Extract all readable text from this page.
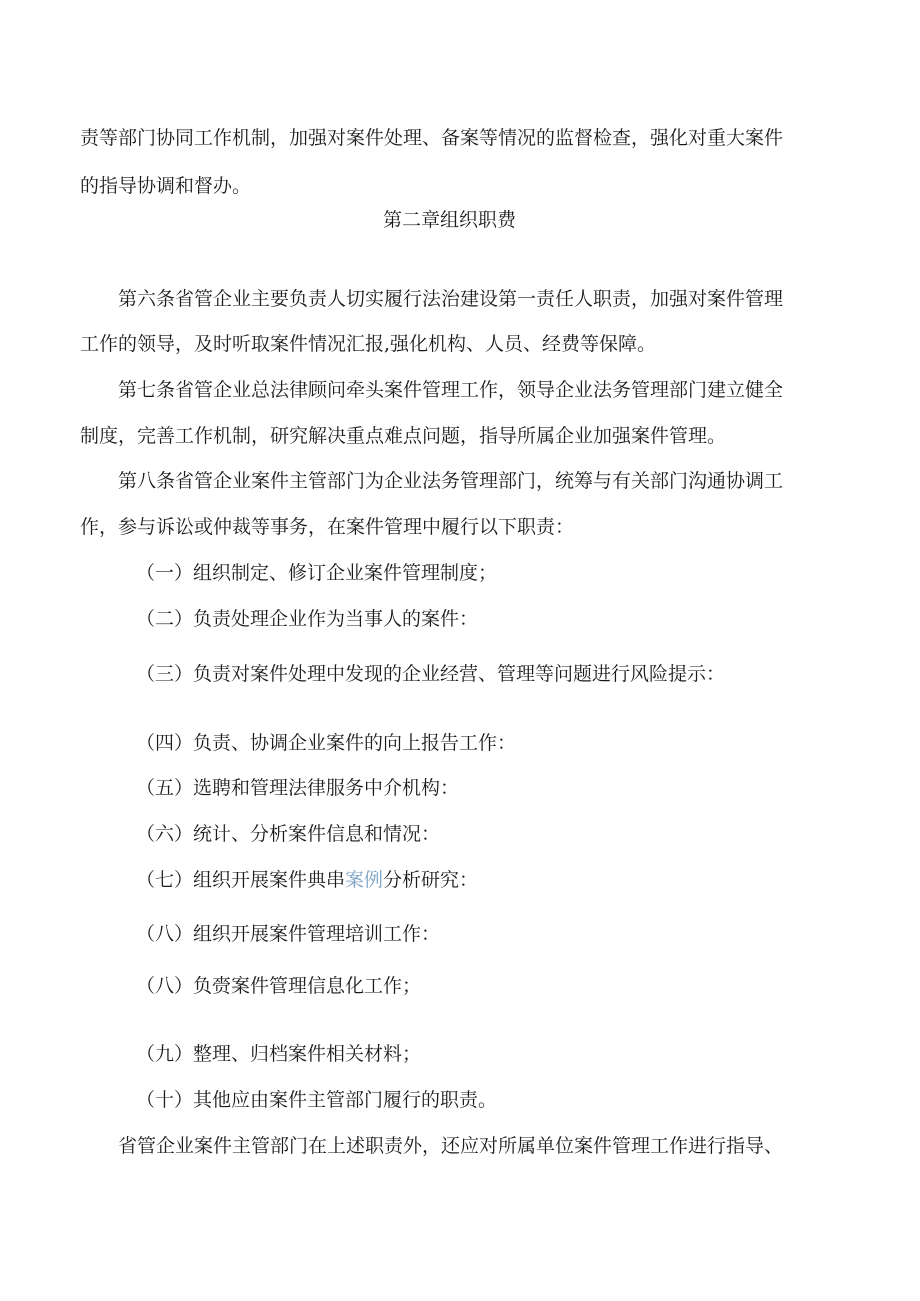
责等部门协同工作机制，加强对案件处理、备案等情况的监督检查，强化对重大案件
的指导协调和督办。
第二章组织职费
第六条省管企业主要负责人切实履行法治建设第一责任人职责，加强对案件管理
工作的领导，及时听取案件情况汇报,强化机构、人员、经费等保障。
第七条省管企业总法律顾问牵头案件管理工作，领导企业法务管理部门建立健全
制度，完善工作机制，研究解决重点难点问题，指导所属企业加强案件管理。
第八条省管企业案件主管部门为企业法务管理部门，统筹与有关部门沟通协调工
作，参与诉讼或仲裁等事务，在案件管理中履行以下职责：
（一）组织制定、修订企业案件管理制度；
（二）负责处理企业作为当事人的案件：
（三）负责对案件处理中发现的企业经营、管理等问题进行风险提示：
（四）负责、协调企业案件的向上报告工作：
（五）选聘和管理法律服务中介机构：
（六）统计、分析案件信息和情况：
（七）组织开展案件典串案例分析研究：
（八）组织开展案件管理培训工作：
（八）负赍案件管理信息化工作；
（九）整理、归档案件相关材料；
（十）其他应由案件主管部门履行的职责。
省管企业案件主管部门在上述职责外，还应对所属单位案件管理工作进行指导、
